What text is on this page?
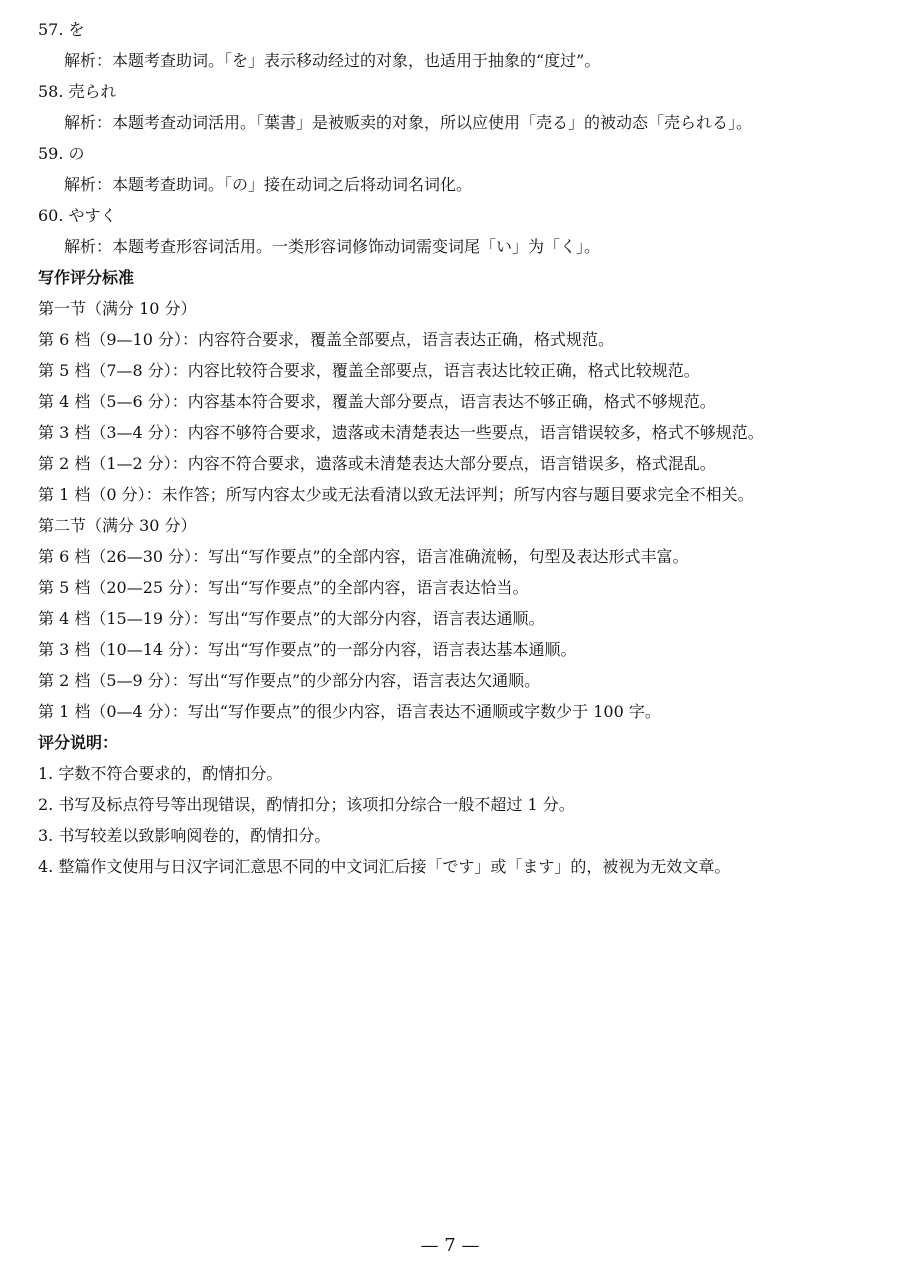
57. を
解析：本题考查助词。「を」表示移动经过的对象，也适用于抽象的“度过”。
58. 売られ
解析：本题考查动词活用。「葉書」是被贩卖的对象，所以应使用「売る」的被动态「売られる」。
59. の
解析：本题考查助词。「の」接在动词之后将动词名词化。
60. やすく
解析：本题考查形容词活用。一类形容词修饰动词需变词尾「い」为「く」。
写作评分标准
第一节（满分 10 分）
第 6 档（9—10 分）：内容符合要求，覆盖全部要点，语言表达正确，格式规范。
第 5 档（7—8 分）：内容比较符合要求，覆盖全部要点，语言表达比较正确，格式比较规范。
第 4 档（5—6 分）：内容基本符合要求，覆盖大部分要点，语言表达不够正确，格式不够规范。
第 3 档（3—4 分）：内容不够符合要求，遗落或未清楚表达一些要点，语言错误较多，格式不够规范。
第 2 档（1—2 分）：内容不符合要求，遗落或未清楚表达大部分要点，语言错误多，格式混乱。
第 1 档（0 分）：未作答；所写内容太少或无法看清以致无法评判；所写内容与题目要求完全不相关。
第二节（满分 30 分）
第 6 档（26—30 分）：写出“写作要点”的全部内容，语言准确流畅，句型及表达形式丰富。
第 5 档（20—25 分）：写出“写作要点”的全部内容，语言表达恰当。
第 4 档（15—19 分）：写出“写作要点”的大部分内容，语言表达通顺。
第 3 档（10—14 分）：写出“写作要点”的一部分内容，语言表达基本通顺。
第 2 档（5—9 分）：写出“写作要点”的少部分内容，语言表达欠通顺。
第 1 档（0—4 分）：写出“写作要点”的很少内容，语言表达不通顺或字数少于 100 字。
评分说明：
1. 字数不符合要求的，酌情扣分。
2. 书写及标点符号等出现错误，酌情扣分；该项扣分综合一般不超过 1 分。
3. 书写较差以致影响阅卷的，酌情扣分。
4. 整篇作文使用与日汉字词汇意思不同的中文词汇后接「です」或「ます」的，被视为无效文章。
— 7 —
